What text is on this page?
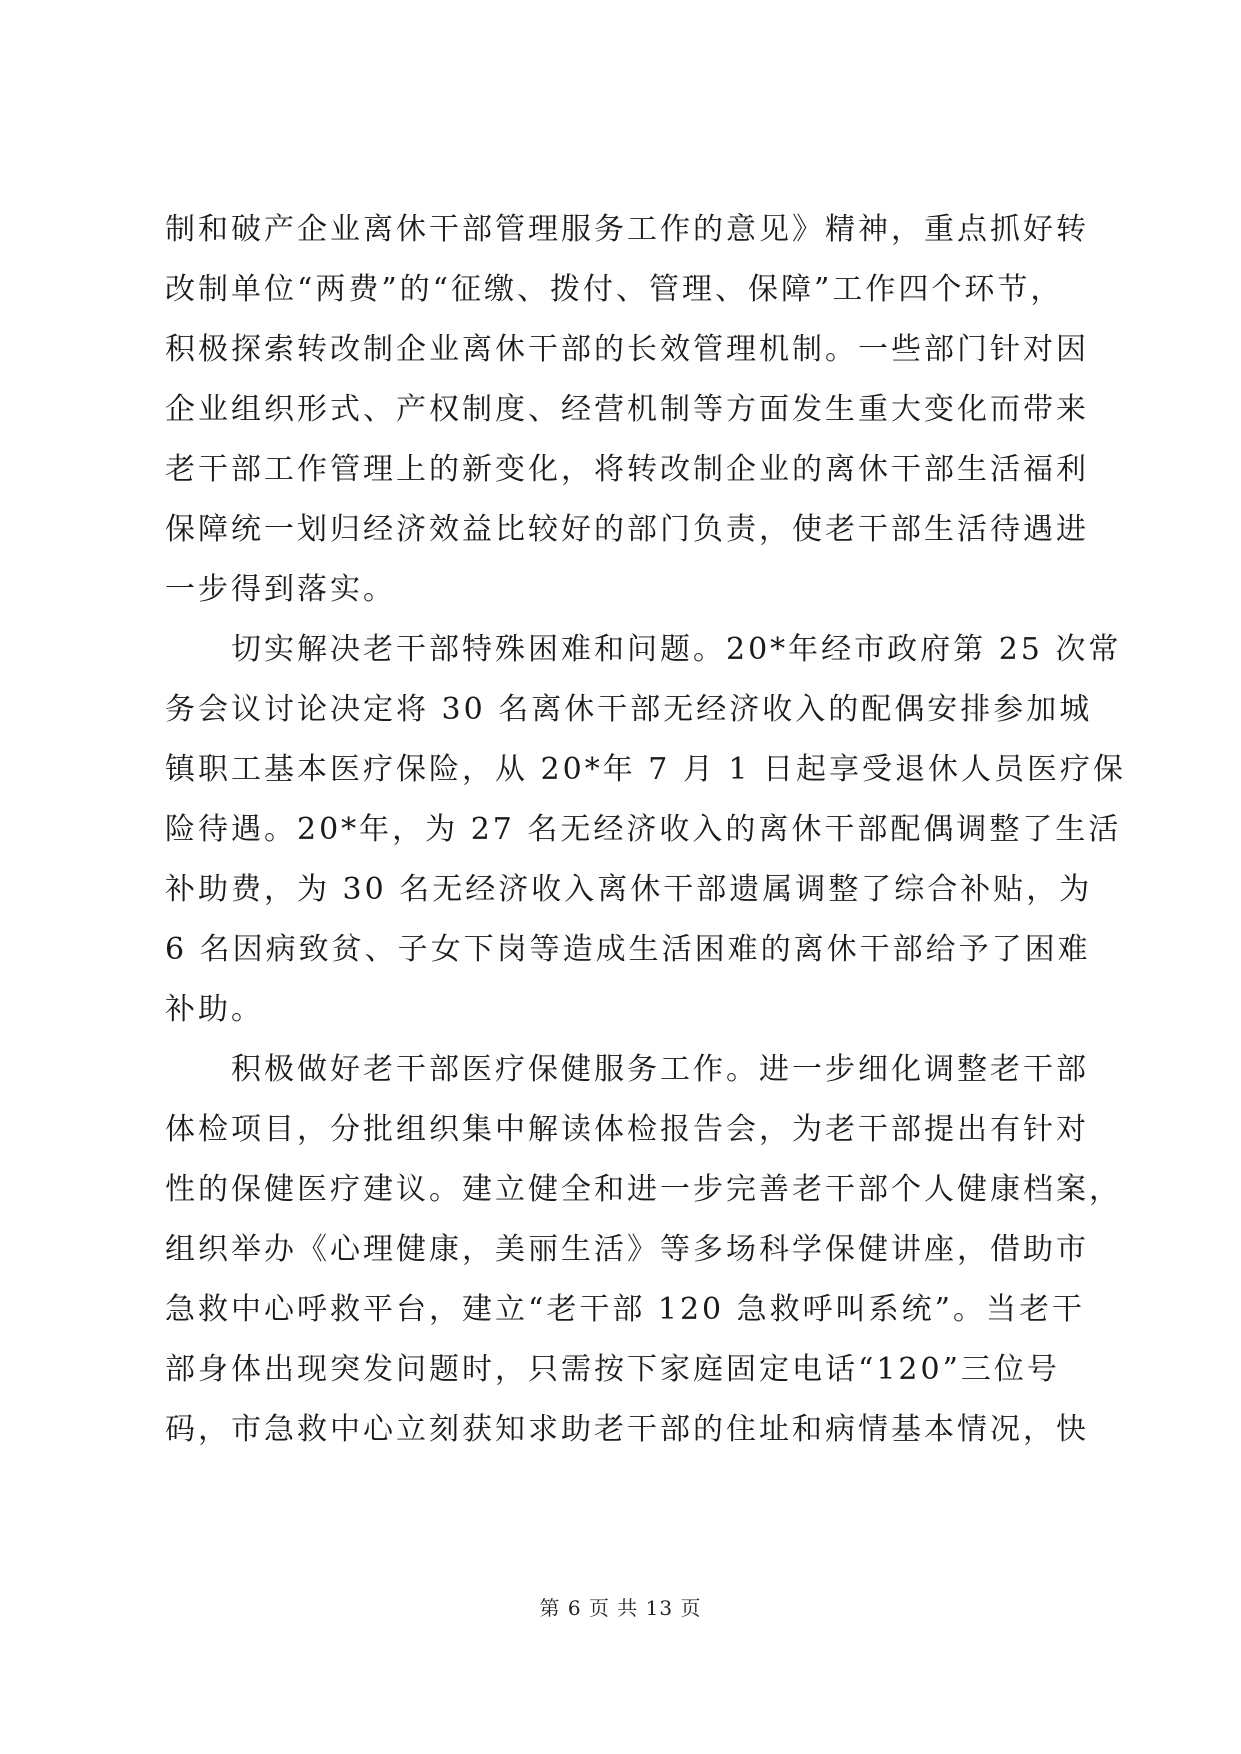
制和破产企业离休干部管理服务工作的意见》精神，重点抓好转
改制单位“两费”的“征缴、拨付、管理、保障”工作四个环节，
积极探索转改制企业离休干部的长效管理机制。一些部门针对因
企业组织形式、产权制度、经营机制等方面发生重大变化而带来
老干部工作管理上的新变化，将转改制企业的离休干部生活福利
保障统一划归经济效益比较好的部门负责，使老干部生活待遇进
一步得到落实。
　　切实解决老干部特殊困难和问题。20*年经市政府第 25 次常
务会议讨论决定将 30 名离休干部无经济收入的配偶安排参加城
镇职工基本医疗保险，从 20*年 7 月 1 日起享受退休人员医疗保
险待遇。20*年，为 27 名无经济收入的离休干部配偶调整了生活
补助费，为 30 名无经济收入离休干部遗属调整了综合补贴，为
6 名因病致贫、子女下岗等造成生活困难的离休干部给予了困难
补助。
　　积极做好老干部医疗保健服务工作。进一步细化调整老干部
体检项目，分批组织集中解读体检报告会，为老干部提出有针对
性的保健医疗建议。建立健全和进一步完善老干部个人健康档案，
组织举办《心理健康，美丽生活》等多场科学保健讲座，借助市
急救中心呼救平台，建立“老干部 120 急救呼叫系统”。当老干
部身体出现突发问题时，只需按下家庭固定电话“120”三位号
码，市急救中心立刻获知求助老干部的住址和病情基本情况，快
第 6 页 共 13 页
